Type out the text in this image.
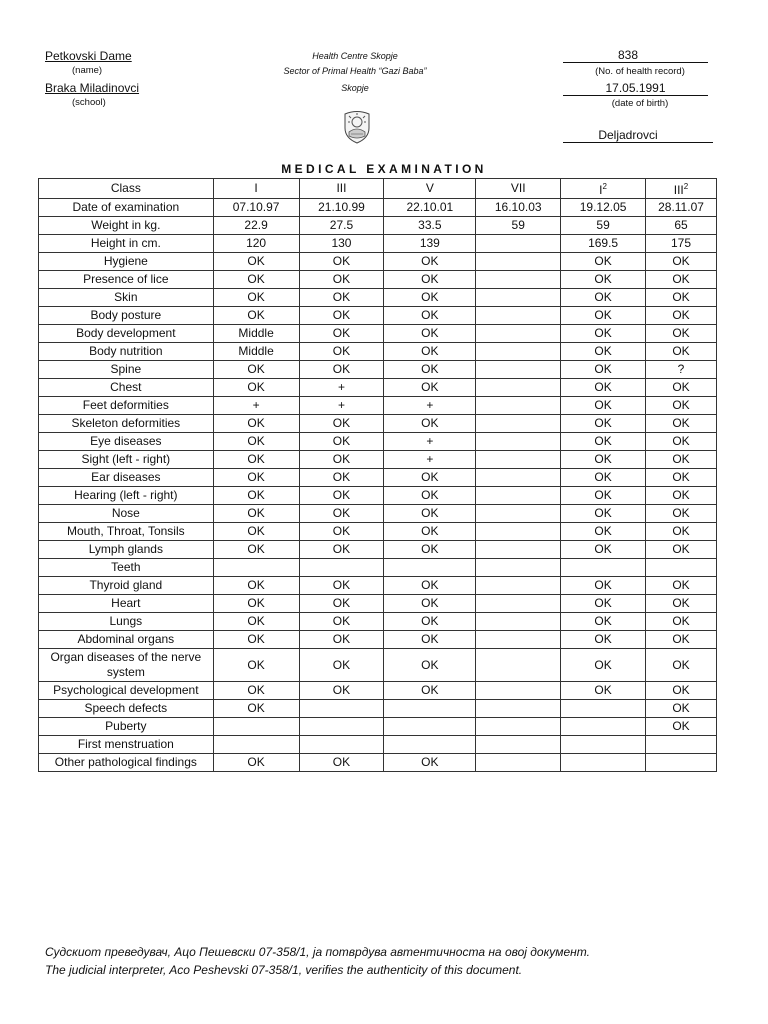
Petkovski Dame
(name)
Braka Miladinovci
(school)
Health Centre Skopje
Sector of Primal Health “Gazi Baba”
Skopje
838
(No. of health record)
17.05.1991
(date of birth)
Deljadrovci
MEDICAL EXAMINATION
Class	I	III	V	VII	$I^2$	III$^2$
Date of examination	07.10.97	21.10.99	22.10.01	16.10.03	19.12.05	28.11.07
Weight in kg.	22.9	27.5	33.5	59	59	65
Height in cm.	120	130	139		169.5	175
Hygiene	OK	OK	OK		OK	OK
Presence of lice	OK	OK	OK		OK	OK
Skin	OK	OK	OK		OK	OK
Body posture	OK	OK	OK		OK	OK
Body development	Middle	OK	OK		OK	OK
Body nutrition	Middle	OK	OK		OK	OK
Spine	OK	OK	OK		OK	?
Chest	OK	+	OK		OK	OK
Feet deformities	+	+	+		OK	OK
Skeleton deformities	OK	OK	OK		OK	OK
Eye diseases	OK	OK	+		OK	OK
Sight (left - right)	OK	OK	+		OK	OK
Ear diseases	OK	OK	OK		OK	OK
Hearing (left - right)	OK	OK	OK		OK	OK
Nose	OK	OK	OK		OK	OK
Mouth, Throat, Tonsils	OK	OK	OK		OK	OK
Lymph glands	OK	OK	OK		OK	OK
Teeth						
Thyroid gland	OK	OK	OK		OK	OK
Heart	OK	OK	OK		OK	OK
Lungs	OK	OK	OK		OK	OK
Abdominal organs	OK	OK	OK		OK	OK
Organ diseases of the nerve system	OK	OK	OK		OK	OK
Psychological development	OK	OK	OK		OK	OK
Speech defects	OK					OK
Puberty						OK
First menstruation						
Other pathological findings	OK	OK	OK			
Судскиот преведувач, Ацо Пешевски 07-358/1, ја потврдува автентичноста на овој документ.
The judicial interpreter, Aco Peshevski 07-358/1, verifies the authenticity of this document.
